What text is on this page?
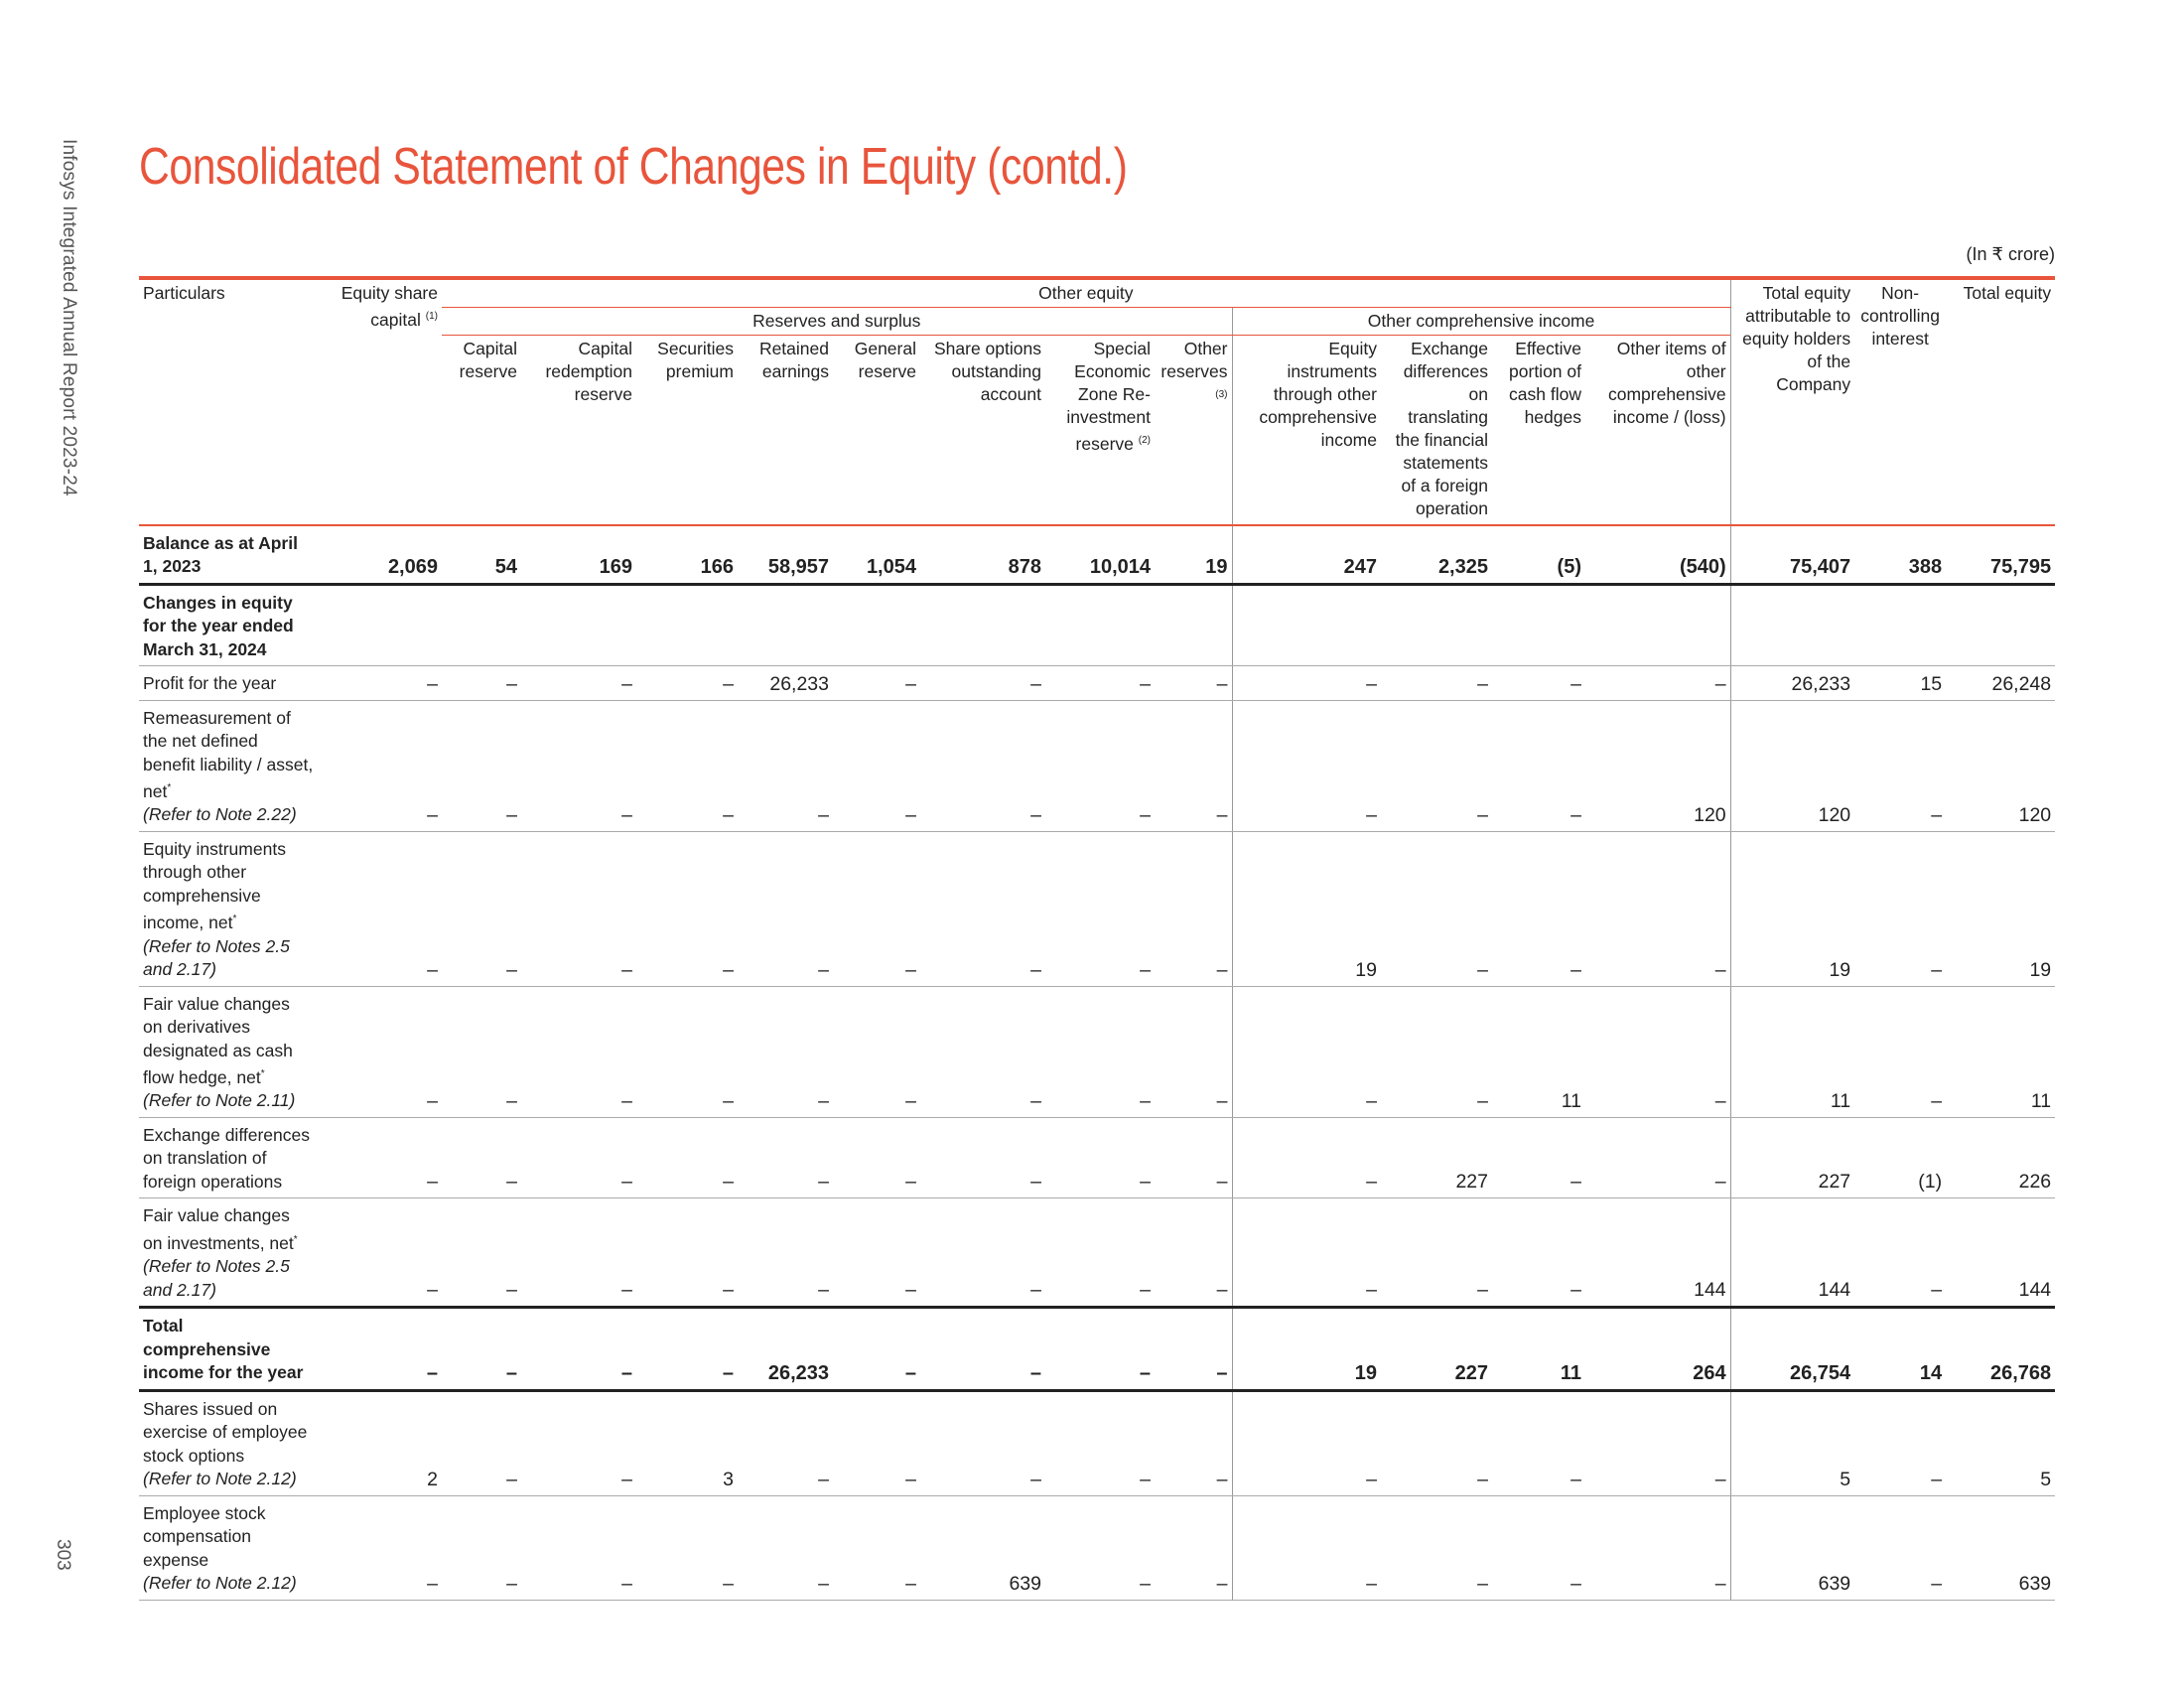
Infosys Integrated Annual Report 2023-24
303
Consolidated Statement of Changes in Equity (contd.)
(In ₹ crore)
Particulars	Equity share capital $^{(1)}$	Other equity												Total equity attributable to equity holders of the Company	Non-controlling interest	Total equity
		Reserves and surplus								Other comprehensive income						
		Capital reserve	Capital redemption reserve	Securities premium	Retained earnings	General reserve	Share options outstanding account	Special Economic Zone Re-investment reserve $^{(2)}$	Other reserves $^{(3)}$	Equity instruments through other comprehensive income	Exchange differences on translating the financial statements of a foreign operation	Effective portion of cash flow hedges	Other items of other comprehensive income / (loss)			

Balance as at April 1, 2023	2,069	54	169	166	58,957	1,054	878	10,014	19	247	2,325	(5)	(540)	75,407	388	75,795
Changes in equity for the year ended March 31, 2024																
Profit for the year	–	–	–	–	26,233	–	–	–	–	–	–	–	–	26,233	15	26,248
Remeasurement of the net defined benefit liability / asset, net*
(Refer to Note 2.22)	–	–	–	–	–	–	–	–	–	–	–	–	120	120	–	120
Equity instruments through other comprehensive income, net*
(Refer to Notes 2.5 and 2.17)	–	–	–	–	–	–	–	–	–	19	–	–	–	19	–	19
Fair value changes on derivatives designated as cash flow hedge, net*
(Refer to Note 2.11)	–	–	–	–	–	–	–	–	–	–	–	11	–	11	–	11
Exchange differences on translation of foreign operations	–	–	–	–	–	–	–	–	–	–	227	–	–	227	(1)	226
Fair value changes on investments, net*
(Refer to Notes 2.5 and 2.17)	–	–	–	–	–	–	–	–	–	–	–	–	144	144	–	144
Total comprehensive income for the year	–	–	–	–	26,233	–	–	–	–	19	227	11	264	26,754	14	26,768
Shares issued on exercise of employee stock options
(Refer to Note 2.12)	2	–	–	3	–	–	–	–	–	–	–	–	–	5	–	5
Employee stock compensation expense
(Refer to Note 2.12)	–	–	–	–	–	–	639	–	–	–	–	–	–	639	–	639
